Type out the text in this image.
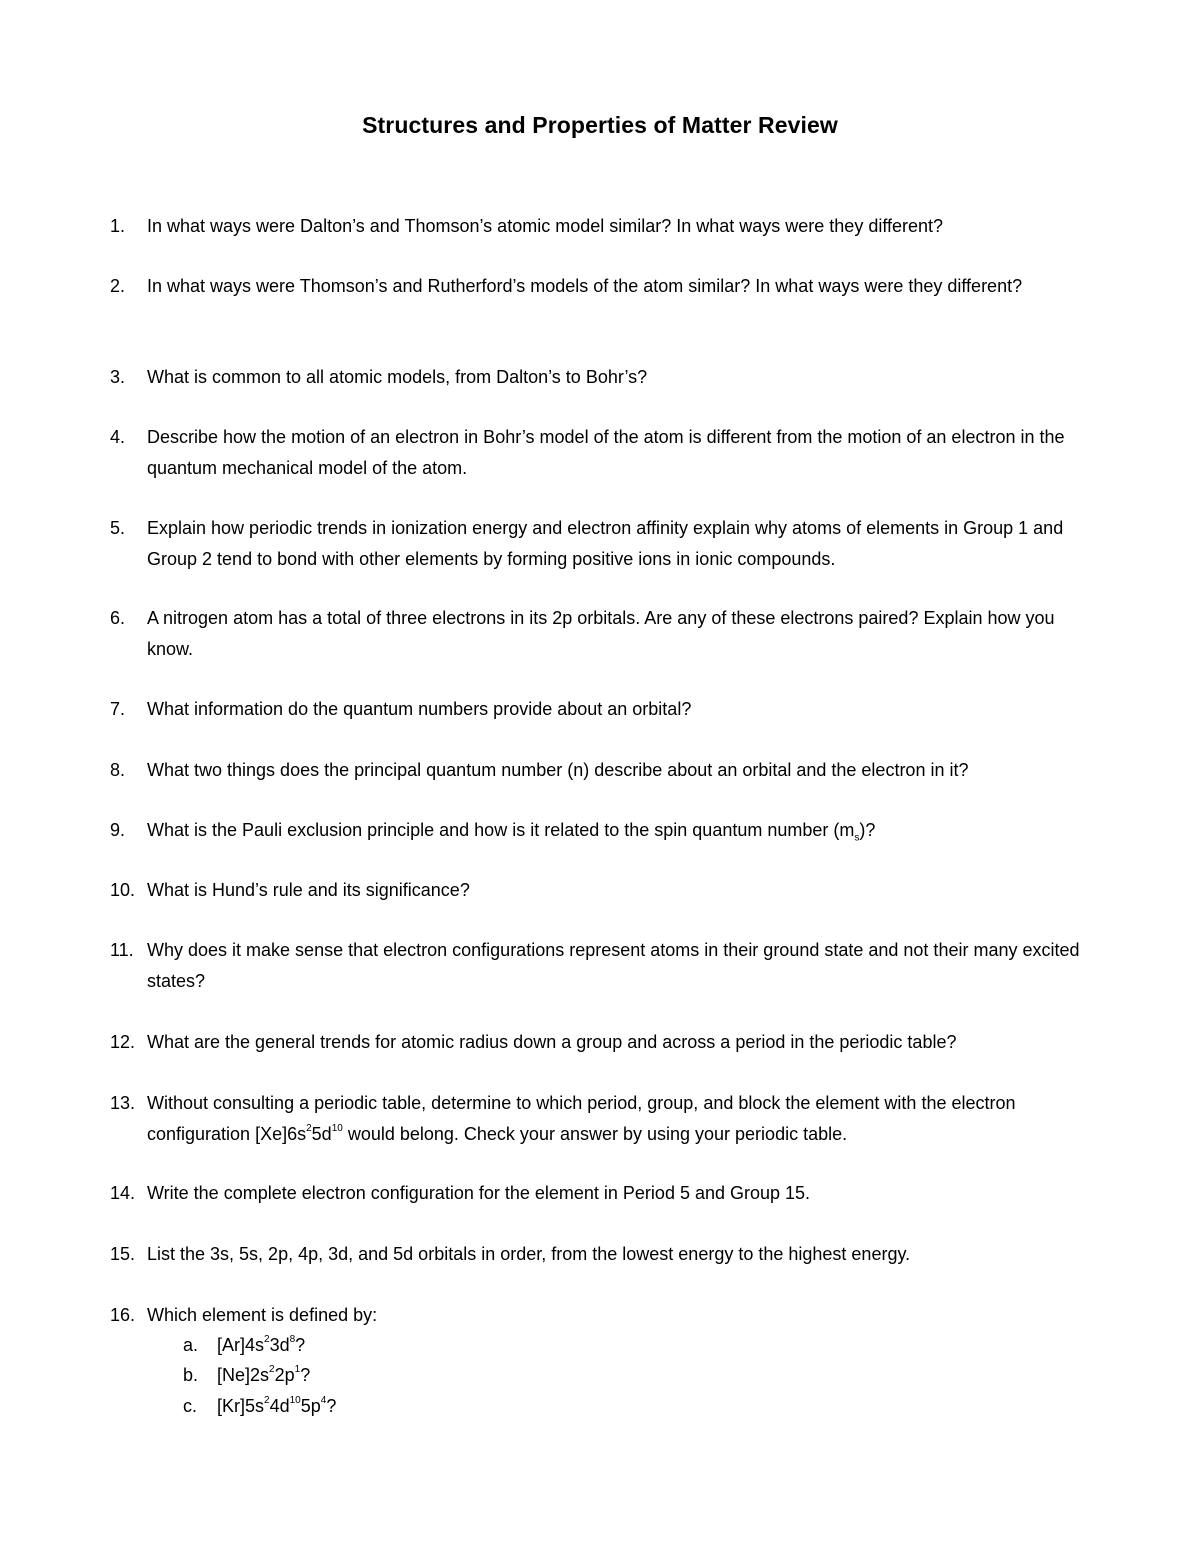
Structures and Properties of Matter Review
1.	In what ways were Dalton’s and Thomson’s atomic model similar? In what ways were they different?
2.	In what ways were Thomson’s and Rutherford’s models of the atom similar? In what ways were they different?
3.	What is common to all atomic models, from Dalton’s to Bohr’s?
4.	Describe how the motion of an electron in Bohr’s model of the atom is different from the motion of an electron in the quantum mechanical model of the atom.
5.	Explain how periodic trends in ionization energy and electron affinity explain why atoms of elements in Group 1 and Group 2 tend to bond with other elements by forming positive ions in ionic compounds.
6.	A nitrogen atom has a total of three electrons in its 2p orbitals. Are any of these electrons paired? Explain how you know.
7.	What information do the quantum numbers provide about an orbital?
8.	What two things does the principal quantum number (n) describe about an orbital and the electron in it?
9.	What is the Pauli exclusion principle and how is it related to the spin quantum number $(m_s)$?
10. What is Hund’s rule and its significance?
11. Why does it make sense that electron configurations represent atoms in their ground state and not their many excited states?
12. What are the general trends for atomic radius down a group and across a period in the periodic table?
13. Without consulting a periodic table, determine to which period, group, and block the element with the electron configuration $[Xe]6s^25d^{10}$ would belong. Check your answer by using your periodic table.
14. Write the complete electron configuration for the element in Period 5 and Group 15.
15. List the 3s, 5s, 2p, 4p, 3d, and 5d orbitals in order, from the lowest energy to the highest energy.
16. Which element is defined by:
a. $[Ar]4s^23d^8$?
b. $[Ne]2s^22p^1$?
c. $[Kr]5s^24d^{10}5p^4$?
